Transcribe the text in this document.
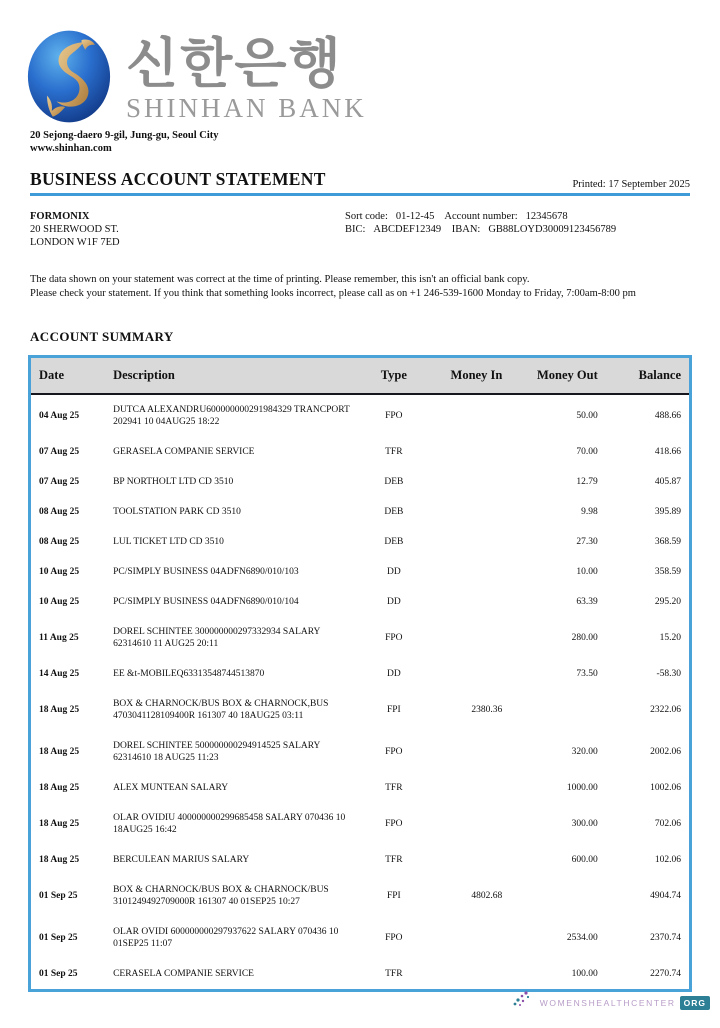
신한은행
SHINHAN BANK
20 Sejong-daero 9-gil, Jung-gu, Seoul City
www.shinhan.com
BUSINESS ACCOUNT STATEMENT	Printed: 17 September 2025
FORMONIX
20 SHERWOOD ST.
LONDON W1F 7ED
Sort code: 01-12-45 Account number: 12345678
BIC: ABCDEF12349 IBAN: GB88LOYD30009123456789
The data shown on your statement was correct at the time of printing. Please remember, this isn't an official bank copy.
Please check your statement. If you think that something looks incorrect, please call as on +1 246-539-1600 Monday to Friday, 7:00am-8:00 pm
ACCOUNT SUMMARY
Date	Description	Type	Money In	Money Out	Balance
04 Aug 25	DUTCA ALEXANDRU600000000291984329 TRANCPORT 202941 10 04AUG25 18:22	FPO		50.00	488.66
07 Aug 25	GERASELA COMPANIE SERVICE	TFR		70.00	418.66
07 Aug 25	BP NORTHOLT LTD CD 3510	DEB		12.79	405.87
08 Aug 25	TOOLSTATION PARK CD 3510	DEB		9.98	395.89
08 Aug 25	LUL TICKET LTD CD 3510	DEB		27.30	368.59
10 Aug 25	PC/SIMPLY BUSINESS 04ADFN6890/010/103	DD		10.00	358.59
10 Aug 25	PC/SIMPLY BUSINESS 04ADFN6890/010/104	DD		63.39	295.20
11 Aug 25	DOREL SCHINTEE 300000000297332934 SALARY 62314610 11 AUG25 20:11	FPO		280.00	15.20
14 Aug 25	EE &t-MOBILEQ63313548744513870	DD		73.50	-58.30
18 Aug 25	BOX & CHARNOCK/BUS BOX & CHARNOCK,BUS 4703041128109400R 161307 40 18AUG25 03:11	FPI	2380.36		2322.06
18 Aug 25	DOREL SCHINTEE 500000000294914525 SALARY 62314610 18 AUG25 11:23	FPO		320.00	2002.06
18 Aug 25	ALEX MUNTEAN SALARY	TFR		1000.00	1002.06
18 Aug 25	OLAR OVIDIU 400000000299685458 SALARY 070436 10 18AUG25 16:42	FPO		300.00	702.06
18 Aug 25	BERCULEAN MARIUS SALARY	TFR		600.00	102.06
01 Sep 25	BOX & CHARNOCK/BUS BOX & CHARNOCK/BUS 3101249492709000R 161307 40 01SEP25 10:27	FPI	4802.68		4904.74
01 Sep 25	OLAR OVIDI 600000000297937622 SALARY 070436 10 01SEP25 11:07	FPO		2534.00	2370.74
01 Sep 25	CERASELA COMPANIE SERVICE	TFR		100.00	2270.74
WOMENSHEALTHCENTER ORG
